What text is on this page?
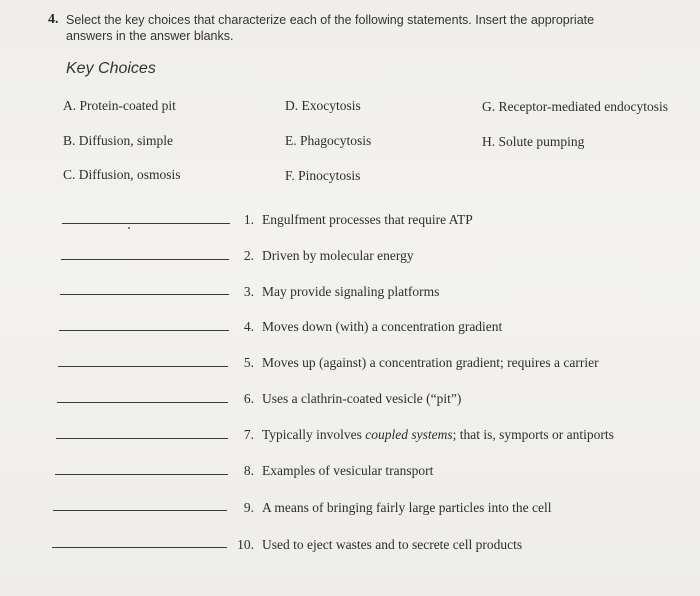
4. Select the key choices that characterize each of the following statements. Insert the appropriate
answers in the answer blanks.
Key Choices
A. Protein-coated pit
B. Diffusion, simple
C. Diffusion, osmosis
D. Exocytosis
E. Phagocytosis
F. Pinocytosis
G. Receptor-mediated endocytosis
H. Solute pumping
1. Engulfment processes that require ATP
2. Driven by molecular energy
3. May provide signaling platforms
4. Moves down (with) a concentration gradient
5. Moves up (against) a concentration gradient; requires a carrier
6. Uses a clathrin-coated vesicle (“pit”)
7. Typically involves coupled systems; that is, symports or antiports
8. Examples of vesicular transport
9. A means of bringing fairly large particles into the cell
10. Used to eject wastes and to secrete cell products
